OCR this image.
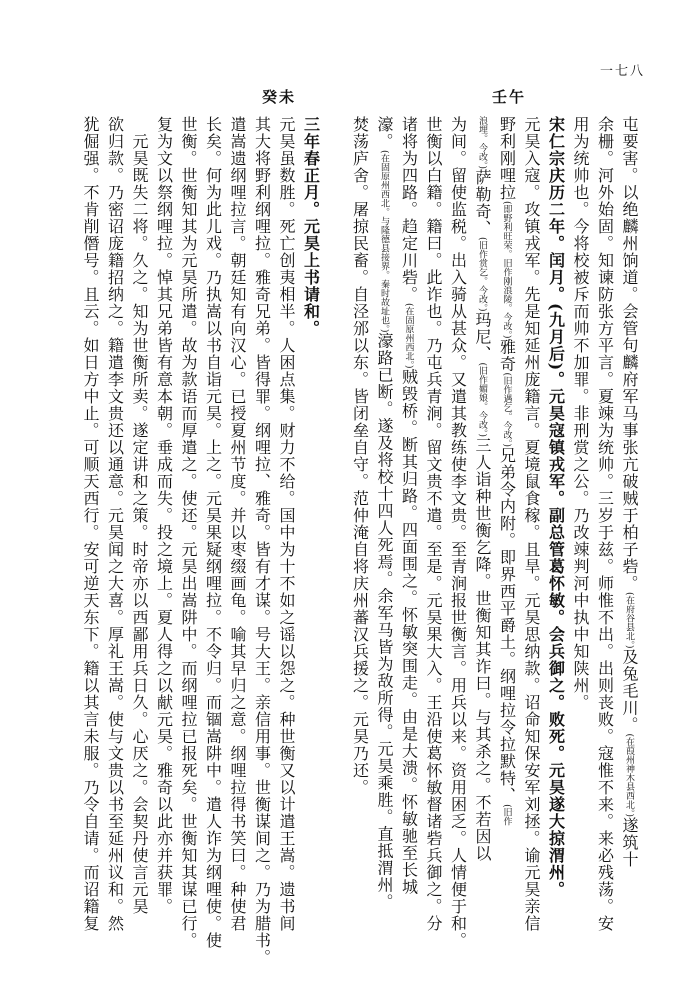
一七八
壬午
癸未
屯要害。以绝麟州饷道。会管句麟府军马事张亢破贼于柏子砦。(在府谷县北。)及兔毛川。(在葭州神木县西北。)遂筑十
余栅。河外始固。知谏防张方平言。夏竦为统帅。三岁于兹。师惟不出。出则丧败。寇惟不来。来必残荡。安
用为统帅也。今将校被斥而帅不加罪。非刑赏之公。乃改竦判河中执中知陕州。
宋仁宗庆历二年。闰月。(九月后)。元昊寇镇戎军。副总管葛怀敏。会兵御之。败死。元昊遂大掠渭州。
元昊入寇。攻镇戎军。先是知延州庞籍言。夏境鼠食稼。且旱。元昊思纳款。诏命知保安军刘拯。谕元昊亲信
野利刚哩拉(即野利旺荣。旧作刚浪陵。今改。)雅奇(旧作遇乞。今改。)兄弟令内附。即界西平爵土。纲哩拉令拉默特、(旧作
浪埋。今改。)萨勒奇、(旧作赏乞。今改。)玛尼、(旧作媚娘。今改。)三人诣种世衡乞降。世衡知其诈曰。与其杀之。不若因以
为间。留使监税。出入骑从甚众。又遣其教练使李文贵。至青涧报世衡言。用兵以来。资用困乏。人情便于和。
世衡以白籍。籍曰。此诈也。乃屯兵青涧。留文贵不遣。至是。元昊果大入。王沿使葛怀敏督诸砦兵御之。分
诸将为四路。趋定川砦。(在固原州西北。)贼毁桥。断其归路。四面围之。怀敏突围走。由是大溃。怀敏驰至长城
濠。(在固原州西北。与隆德县接界。秦时故址也。)濠路已断。遂及将校十四人死焉。余军马皆为敌所得。元昊乘胜。直抵渭州。
焚荡庐舍。屠掠民畜。自泾邠以东。皆闭垒自守。范仲淹自将庆州蕃汉兵援之。元昊乃还。
三年春正月。元昊上书请和。
元昊虽数胜。死亡创夷相半。人困点集。财力不给。国中为十不如之谣以怨之。种世衡又以计遣王嵩。遗书间
其大将野利纲哩拉。雅奇兄弟。皆得罪。纲哩拉、雅奇。皆有才谋。号大王。亲信用事。世衡谋间之。乃为腊书。
遣嵩遗纲哩拉言。朝廷知有向汉心。已授夏州节度。并以枣缀画龟。喻其早归之意。纲哩拉得书笑曰。种使君
长矣。何为此儿戏。乃执嵩以书自诣元昊。上之。元昊果疑纲哩拉。不令归。而锢嵩阱中。遣人诈为纲哩使。使
世衡。世衡知其为元昊所遣。故为款语而厚遣之。使还。元昊出嵩阱中。而纲哩拉已报死矣。世衡知其谋已行。
复为文以祭纲哩拉。悼其兄弟皆有意本朝。垂成而失。投之境上。夏人得之以献元昊。雅奇以此亦并获罪。
　元昊既失二将。久之。知为世衡所卖。遂定讲和之策。时帝亦以西鄙用兵日久。心厌之。会契丹使言元昊
欲归款。乃密诏庞籍招纳之。籍遣李文贵还以通意。元昊闻之大喜。厚礼王嵩。使与文贵以书至延州议和。然
犹倔强。不肯削僭号。且云。如日方中止。可顺天西行。安可逆天东下。籍以其言未服。乃令自请。而诏籍复
